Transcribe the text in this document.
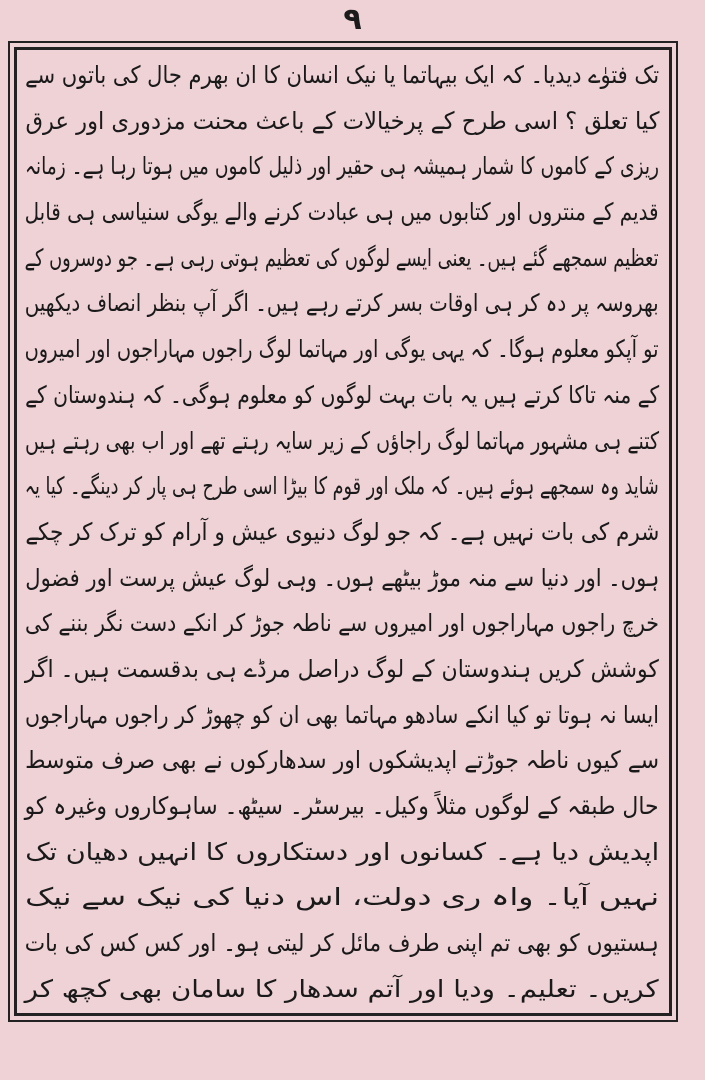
۹
تک فتوٰے دیدیا۔ کہ ایک بیہاتما یا نیک انسان کا ان بھرم جال کی باتوں سے
کیا تعلق ؟ اسی طرح کے پرخیالات کے باعث محنت مزدوری اور عرق
ریزی کے کاموں کا شمار ہمیشہ ہی حقیر اور ذلیل کاموں میں ہوتا رہا ہے۔ زمانہ
قدیم کے منتروں اور کتابوں میں ہی عبادت کرنے والے یوگی سنیاسی ہی قابل
تعظیم سمجھے گئے ہیں۔ یعنی ایسے لوگوں کی تعظیم ہوتی رہی ہے۔ جو دوسروں کے
بھروسہ پر دہ کر ہی اوقات بسر کرتے رہے ہیں۔ اگر آپ بنظر انصاف دیکھیں
تو آپکو معلوم ہوگا۔ کہ یہی یوگی اور مہاتما لوگ راجوں مہاراجوں اور امیروں
کے منہ تاکا کرتے ہیں یہ بات بہت لوگوں کو معلوم ہوگی۔ کہ ہندوستان کے
کتنے ہی مشہور مہاتما لوگ راجاؤں کے زیر سایہ رہتے تھے اور اب بھی رہتے ہیں
شاید وہ سمجھے ہوئے ہیں۔ کہ ملک اور قوم کا بیڑا اسی طرح ہی پار کر دینگے۔ کیا یہ
شرم کی بات نہیں ہے۔ کہ جو لوگ دنیوی عیش و آرام کو ترک کر چکے
ہوں۔ اور دنیا سے منہ موڑ بیٹھے ہوں۔ وہی لوگ عیش پرست اور فضول
خرچ راجوں مہاراجوں اور امیروں سے ناطہ جوڑ کر انکے دست نگر بننے کی
کوشش کریں ہندوستان کے لوگ دراصل مرڈے ہی بدقسمت ہیں۔ اگر
ایسا نہ ہوتا تو کیا انکے سادھو مہاتما بھی ان کو چھوڑ کر راجوں مہاراجوں
سے کیوں ناطہ جوڑتے اپدیشکوں اور سدھارکوں نے بھی صرف متوسط
حال طبقہ کے لوگوں مثلاً وکیل۔ بیرسٹر۔ سیٹھ۔ ساہوکاروں وغیرہ کو
اپدیش دیا ہے۔ کسانوں اور دستکاروں کا انہیں دھیان تک
نہیں آیا۔ واہ ری دولت، اس دنیا کی نیک سے نیک
ہستیوں کو بھی تم اپنی طرف مائل کر لیتی ہو۔ اور کس کس کی بات
کریں۔ تعلیم۔ ودیا اور آتم سدھار کا سامان بھی کچھ کر
